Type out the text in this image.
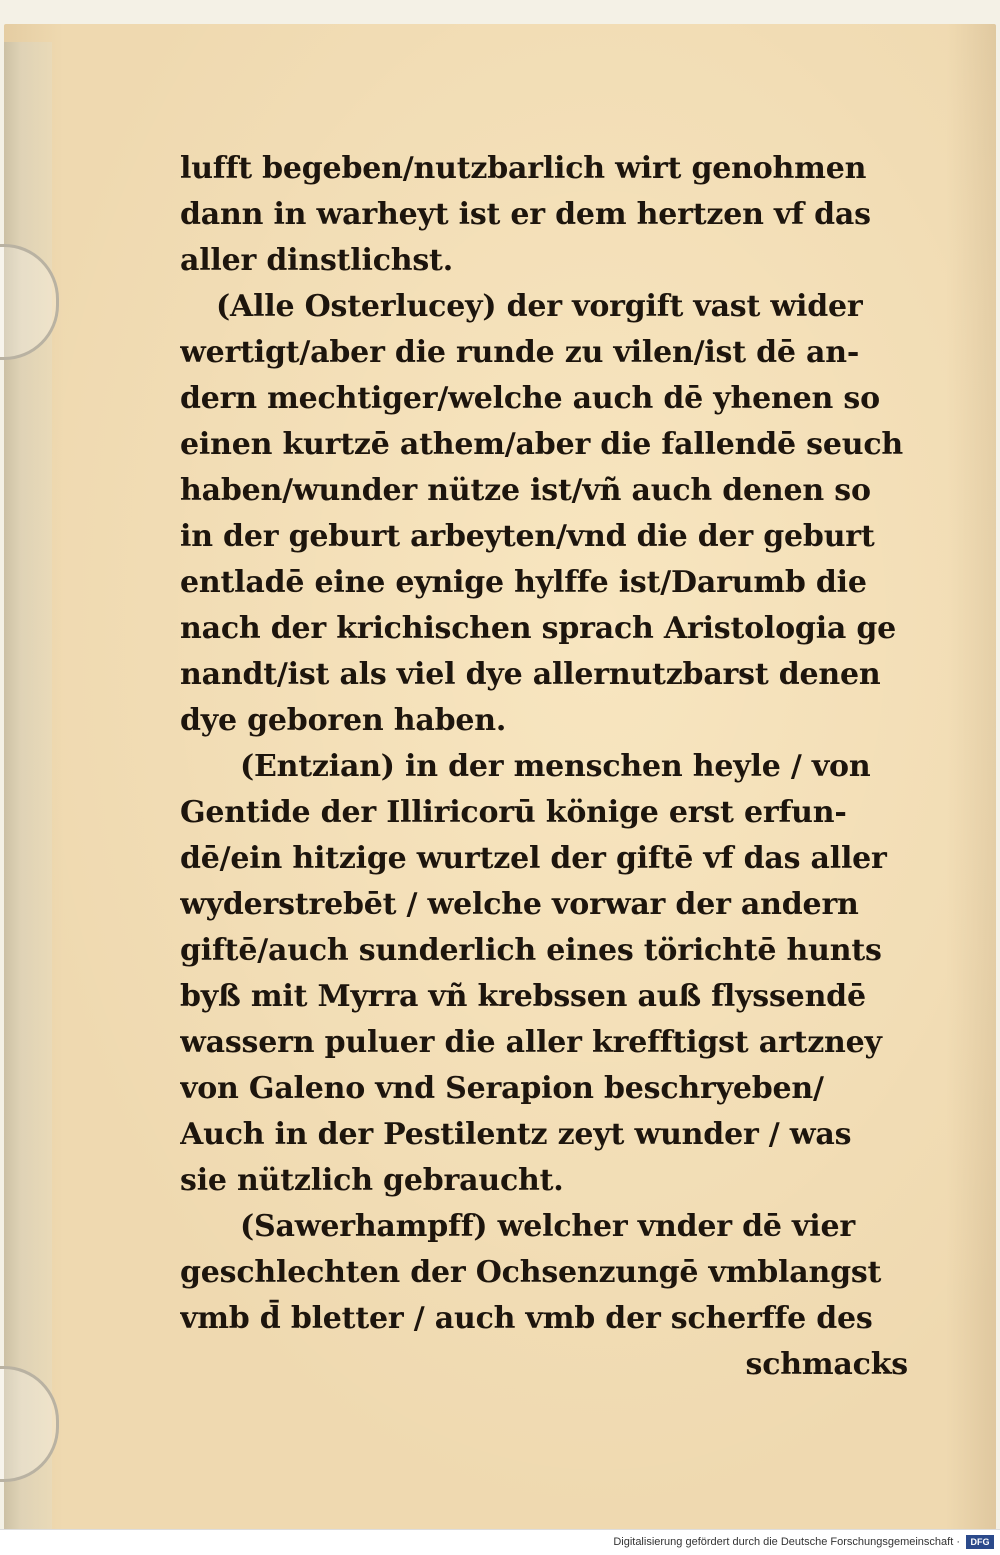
lufft begeben/nutzbarlich wirt genohmen
dann in warheyt ist er dem hertzen vf das
aller dinstlichst.
(Alle Osterlucey) der vorgift vast wider
wertigt/aber die runde zu vilen/ist dē an-
dern mechtiger/welche auch dē yhenen so
einen kurtzē athem/aber die fallendē seuch
haben/wunder nütze ist/vñ auch denen so
in der geburt arbeyten/vnd die der geburt
entladē eine eynige hylffe ist/Darumb die
nach der krichischen sprach Aristologia ge
nandt/ist als viel dye allernutzbarst denen
dye geboren haben.
(Entzian) in der menschen heyle / von
Gentide der Illiricorū könige erst erfun-
dē/ein hitzige wurtzel der giftē vf das aller
wyderstrebēt / welche vorwar der andern
giftē/auch sunderlich eines törichtē hunts
byß mit Myrra vñ krebssen auß flyssendē
wassern puluer die aller krefftigst artzney
von Galeno vnd Serapion beschryeben/
Auch in der Pestilentz zeyt wunder / was
sie nützlich gebraucht.
(Sawerhampff) welcher vnder dē vier
geschlechten der Ochsenzungē vmblangst
vmb d̄ bletter / auch vmb der scherffe des
schmacks
Digitalisierung gefördert durch die Deutsche Forschungsgemeinschaft ·	DFG
